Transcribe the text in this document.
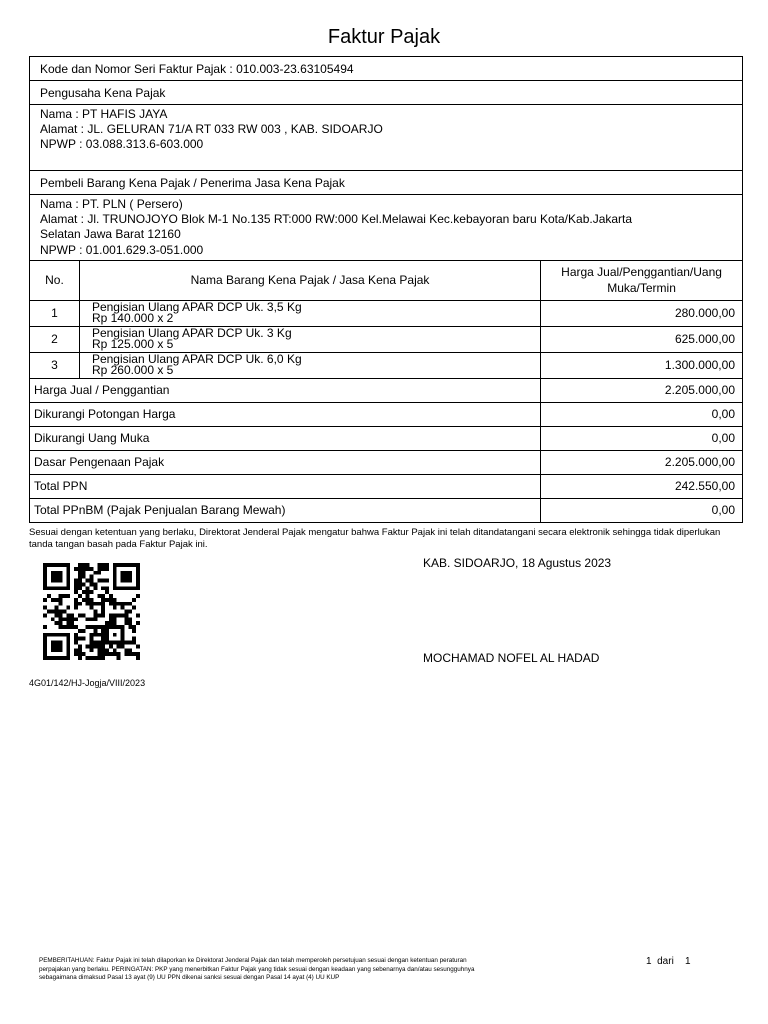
Faktur Pajak
Kode dan Nomor Seri Faktur Pajak : 010.003-23.63105494		
Pengusaha Kena Pajak		

Nama : PT HAFIS JAYA
Alamat : JL. GELURAN 71/A RT 033 RW 003 , KAB. SIDOARJO
NPWP : 03.088.313.6-603.000		

Pembeli Barang Kena Pajak / Penerima Jasa Kena Pajak		

Nama : PT. PLN ( Persero)
Alamat : Jl. TRUNOJOYO Blok M-1 No.135 RT:000 RW:000 Kel.Melawai Kec.kebayoran baru Kota/Kab.Jakarta
Selatan Jawa Barat 12160
NPWP : 01.001.629.3-051.000		

No.	Nama Barang Kena Pajak / Jasa Kena Pajak	Harga Jual/Penggantian/Uang
Muka/Termin

1	Pengisian Ulang APAR DCP Uk. 3,5 Kg
Rp 140.000 x 2	280.000,00
2	Pengisian Ulang APAR DCP Uk. 3 Kg
Rp 125.000 x 5	625.000,00
3	Pengisian Ulang APAR DCP Uk. 6,0 Kg
Rp 260.000 x 5	1.300.000,00
Harga Jual / Penggantian		2.205.000,00
Dikurangi Potongan Harga		0,00
Dikurangi Uang Muka		0,00
Dasar Pengenaan Pajak		2.205.000,00
Total PPN		242.550,00
Total PPnBM (Pajak Penjualan Barang Mewah)		0,00
Sesuai dengan ketentuan yang berlaku, Direktorat Jenderal Pajak mengatur bahwa Faktur Pajak ini telah ditandatangani secara elektronik sehingga tidak diperlukan tanda tangan basah pada Faktur Pajak ini.
KAB. SIDOARJO, 18 Agustus 2023
MOCHAMAD NOFEL AL HADAD
4G01/142/HJ-Jogja/VIII/2023
PEMBERITAHUAN: Faktur Pajak ini telah dilaporkan ke Direktorat Jenderal Pajak dan telah memperoleh persetujuan sesuai dengan ketentuan peraturan perpajakan yang berlaku. PERINGATAN: PKP yang menerbitkan Faktur Pajak yang tidak sesuai dengan keadaan yang sebenarnya dan/atau sesungguhnya sebagaimana dimaksud Pasal 13 ayat (9) UU PPN dikenai sanksi sesuai dengan Pasal 14 ayat (4) UU KUP
1 dari 1
